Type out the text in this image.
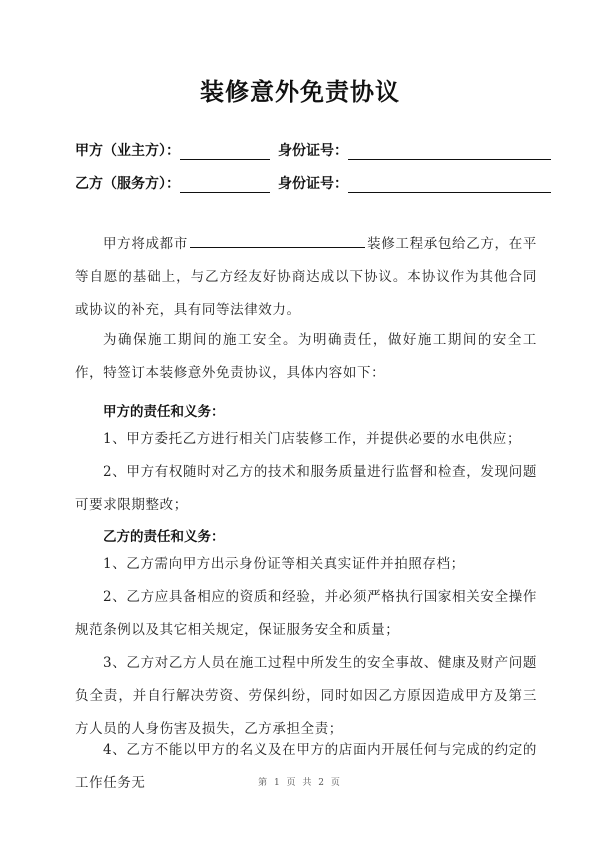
装修意外免责协议
甲方（业主方）：	身份证号：
乙方（服务方）：	身份证号：
甲方将成都市	装修工程承包给乙方，在平等自愿的基础上，与乙方经友好协商达成以下协议。本协议作为其他合同或协议的补充，具有同等法律效力。
为确保施工期间的施工安全。为明确责任，做好施工期间的安全工作，特签订本装修意外免责协议，具体内容如下：
甲方的责任和义务：
1、甲方委托乙方进行相关门店装修工作，并提供必要的水电供应；
2、甲方有权随时对乙方的技术和服务质量进行监督和检查，发现问题可要求限期整改；
乙方的责任和义务：
1、乙方需向甲方出示身份证等相关真实证件并拍照存档；
2、乙方应具备相应的资质和经验，并必须严格执行国家相关安全操作规范条例以及其它相关规定，保证服务安全和质量；
3、乙方对乙方人员在施工过程中所发生的安全事故、健康及财产问题负全责，并自行解决劳资、劳保纠纷，同时如因乙方原因造成甲方及第三方人员的人身伤害及损失，乙方承担全责；
4、乙方不能以甲方的名义及在甲方的店面内开展任何与完成的约定的工作任务无	第 1 页 共 2 页
